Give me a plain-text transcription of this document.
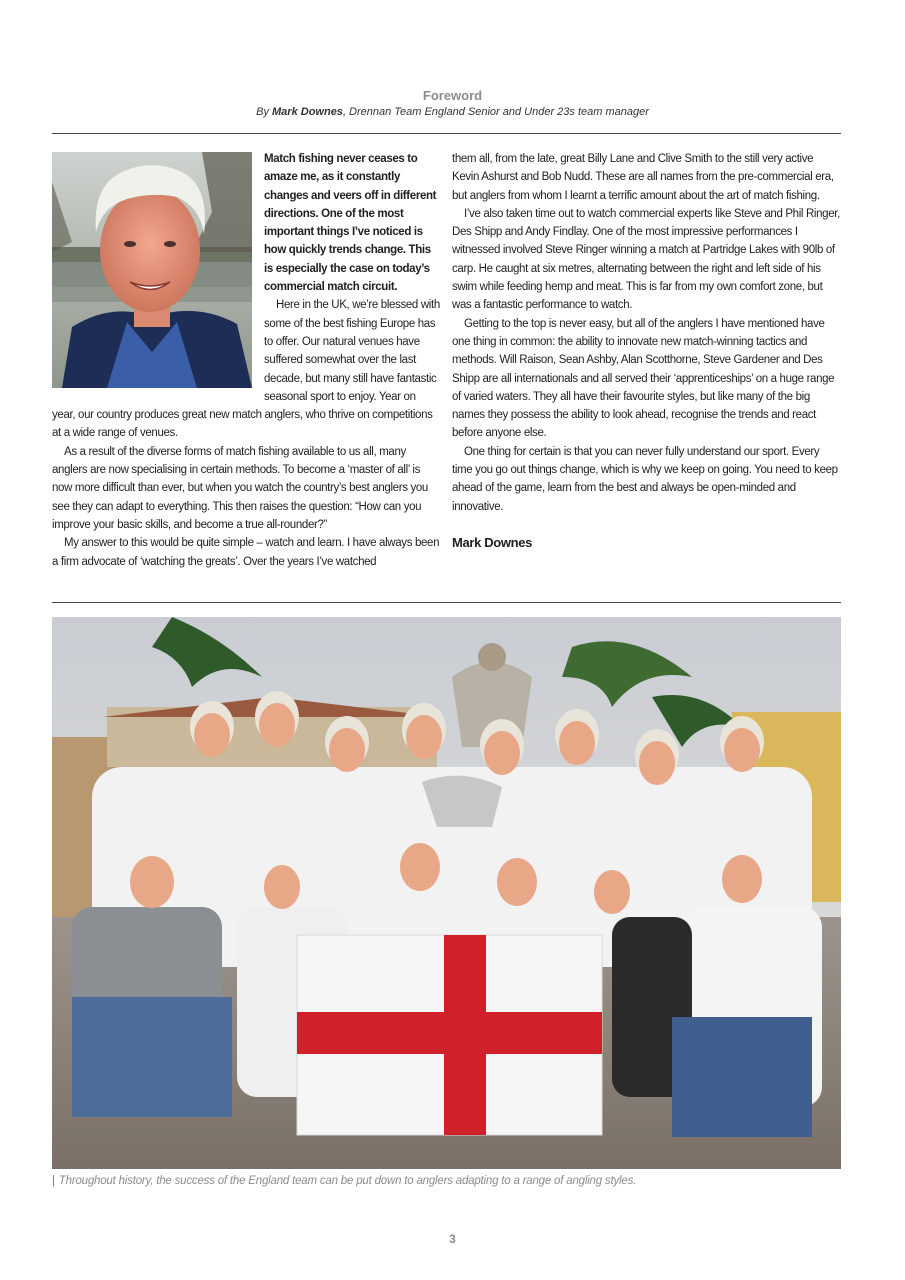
Foreword
By Mark Downes, Drennan Team England Senior and Under 23s team manager

Match fishing never ceases to amaze me, as it constantly changes and veers off in different directions. One of the most important things I’ve noticed is how quickly trends change. This is especially the case on today’s commercial match circuit.

Here in the UK, we’re blessed with some of the best fishing Europe has to offer. Our natural venues have suffered somewhat over the last decade, but many still have fantastic seasonal sport to enjoy. Year on year, our country produces great new match anglers, who thrive on competitions at a wide range of venues.

As a result of the diverse forms of match fishing available to us all, many anglers are now specialising in certain methods. To become a ‘master of all’ is now more difficult than ever, but when you watch the country’s best anglers you see they can adapt to everything. This then raises the question: “How can you improve your basic skills, and become a true all-rounder?”

My answer to this would be quite simple – watch and learn. I have always been a firm advocate of ‘watching the greats’. Over the years I’ve watched

them all, from the late, great Billy Lane and Clive Smith to the still very active Kevin Ashurst and Bob Nudd. These are all names from the pre-commercial era, but anglers from whom I learnt a terrific amount about the art of match fishing.

I’ve also taken time out to watch commercial experts like Steve and Phil Ringer, Des Shipp and Andy Findlay. One of the most impressive performances I witnessed involved Steve Ringer winning a match at Partridge Lakes with 90lb of carp. He caught at six metres, alternating between the right and left side of his swim while feeding hemp and meat. This is far from my own comfort zone, but was a fantastic performance to watch.

Getting to the top is never easy, but all of the anglers I have mentioned have one thing in common: the ability to innovate new match-winning tactics and methods. Will Raison, Sean Ashby, Alan Scotthorne, Steve Gardener and Des Shipp are all internationals and all served their ‘apprenticeships’ on a huge range of varied waters. They all have their favourite styles, but like many of the big names they possess the ability to look ahead, recognise the trends and react before anyone else.

One thing for certain is that you can never fully understand our sport. Every time you go out things change, which is why we keep on going. You need to keep ahead of the game, learn from the best and always be open-minded and innovative.

Mark Downes

| Throughout history, the success of the England team can be put down to anglers adapting to a range of angling styles.
3
